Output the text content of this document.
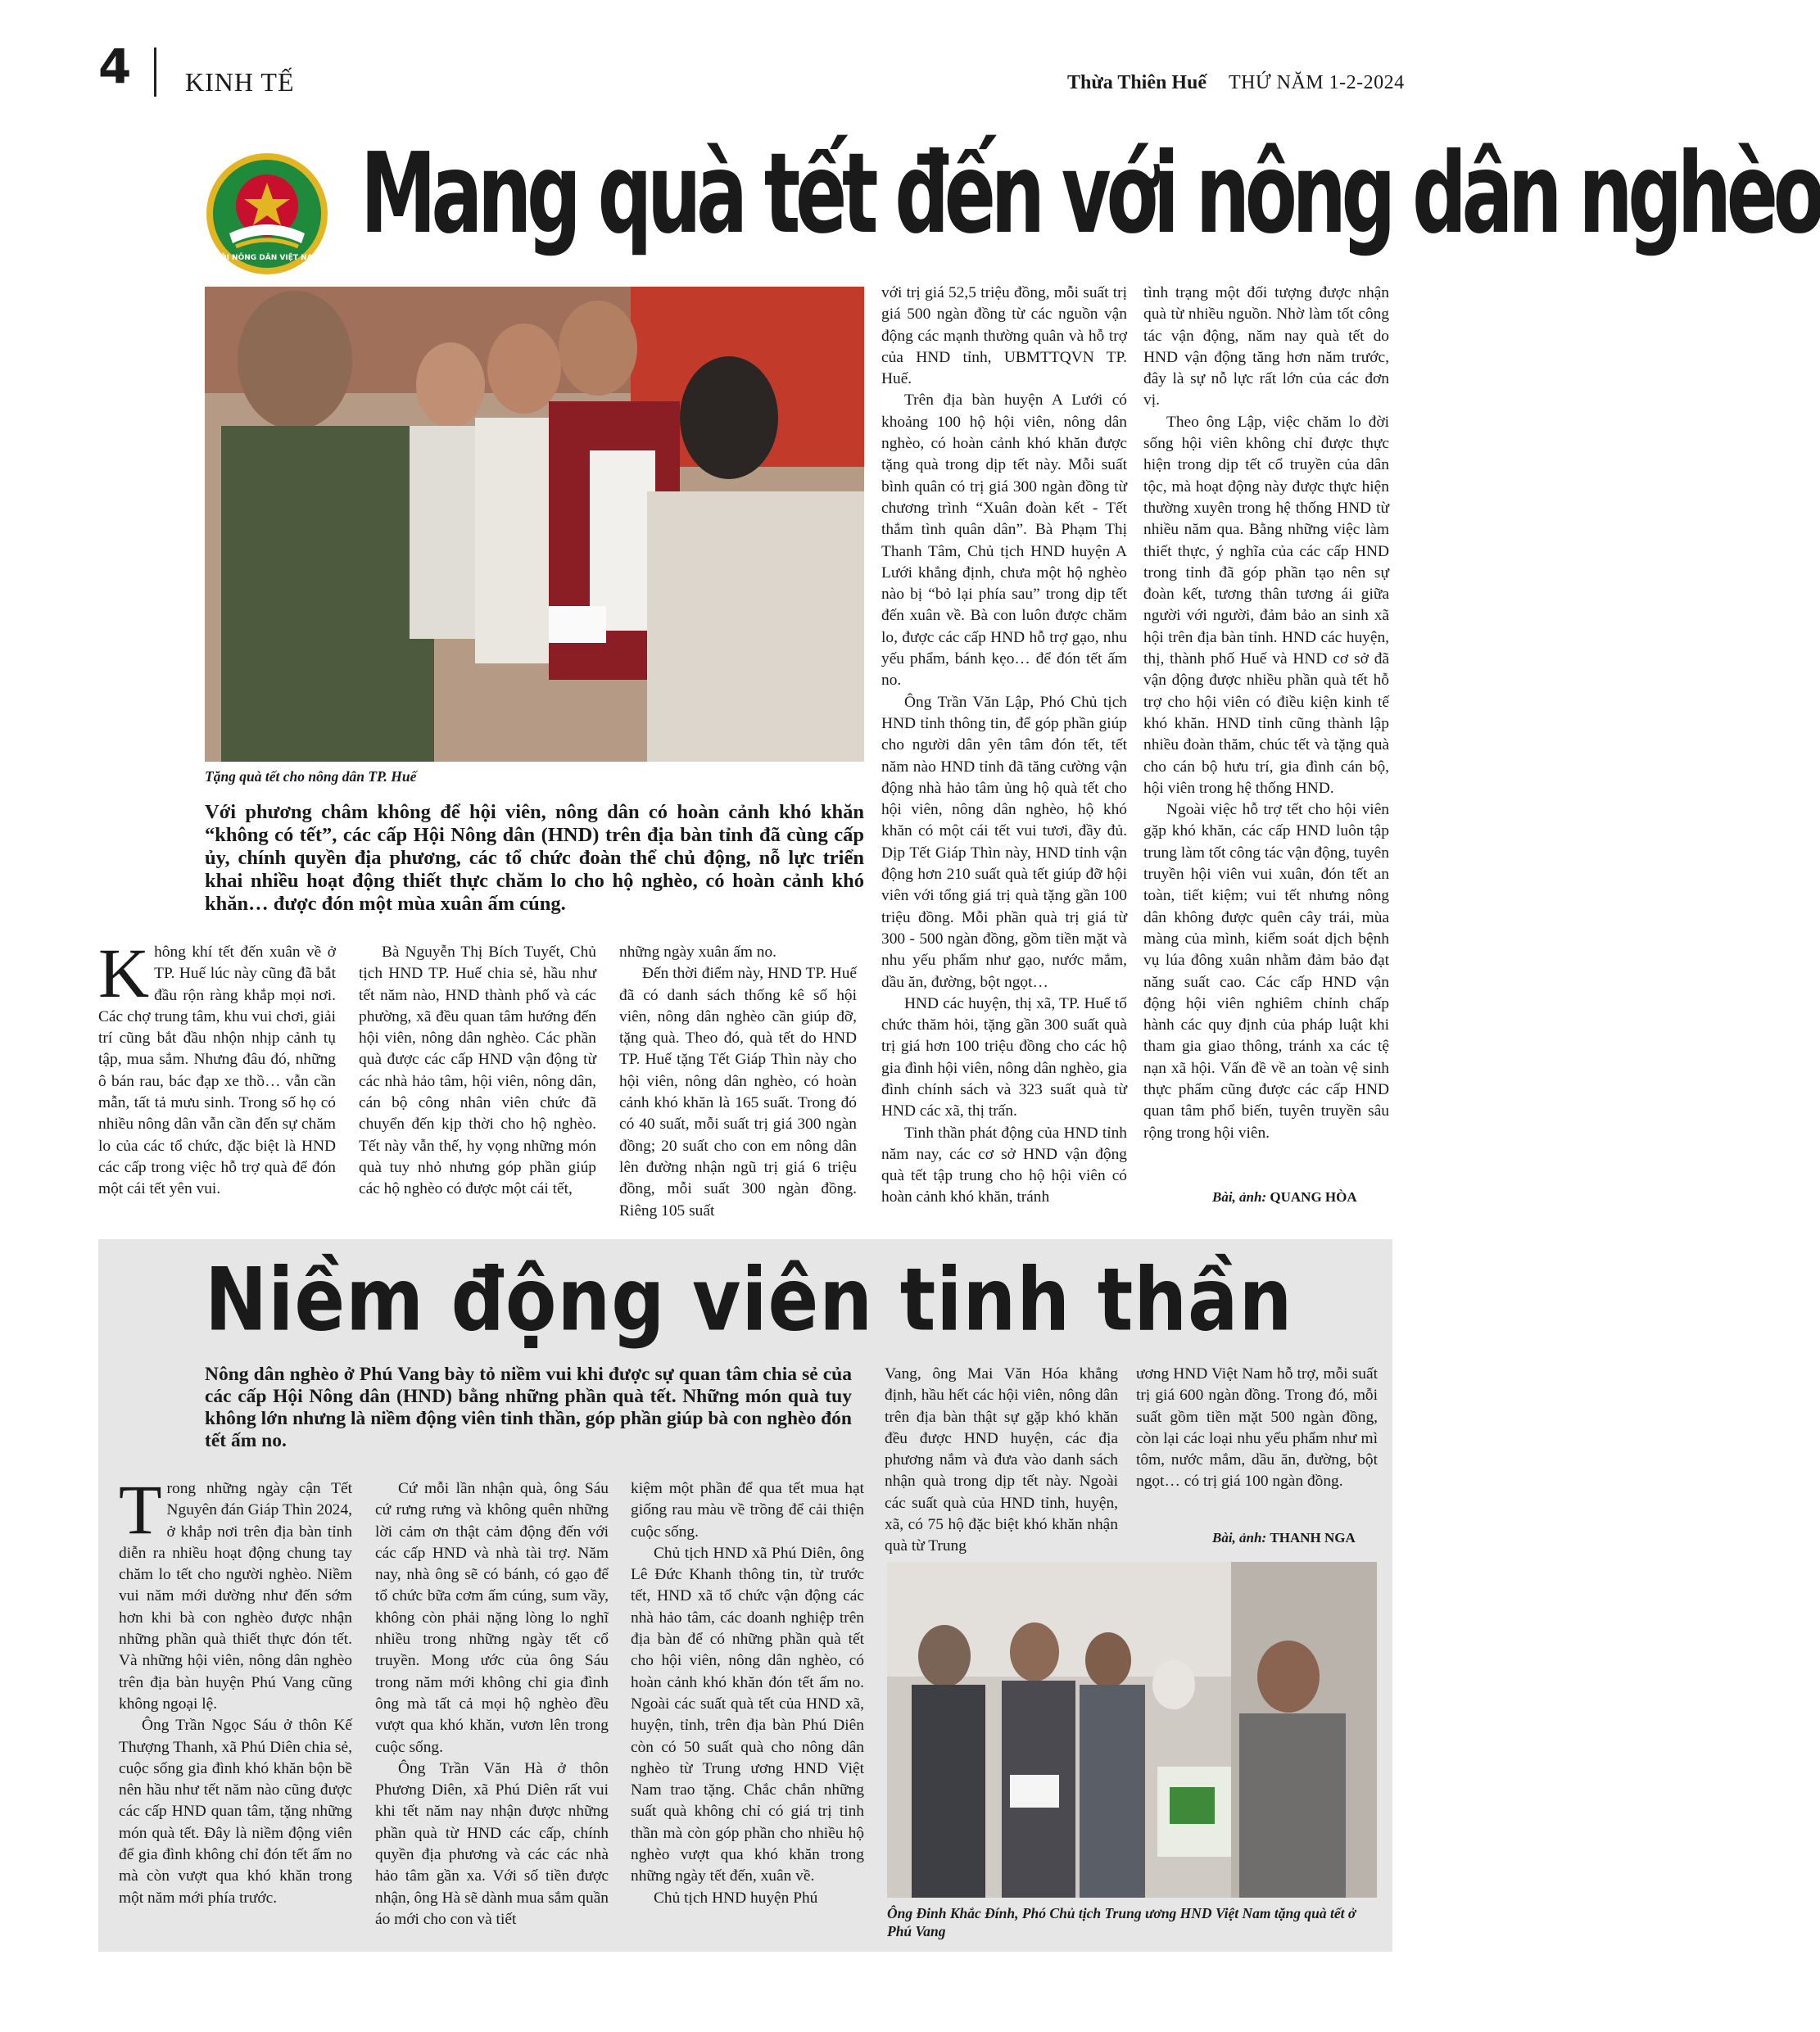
4 KINH TẾ	Thừa Thiên Huế THỨ NĂM 1-2-2024
HỘI NÔNG DÂN VIỆT NAM Mang quà tết đến với nông dân nghèo
Tặng quà tết cho nông dân TP. Huế
Với phương châm không để hội viên, nông dân có hoàn cảnh khó khăn “không có tết”, các cấp Hội Nông dân (HND) trên địa bàn tỉnh đã cùng cấp ủy, chính quyền địa phương, các tổ chức đoàn thể chủ động, nỗ lực triển khai nhiều hoạt động thiết thực chăm lo cho hộ nghèo, có hoàn cảnh khó khăn… được đón một mùa xuân ấm cúng.

Không khí tết đến xuân về ở TP. Huế lúc này cũng đã bắt đầu rộn ràng khắp mọi nơi. Các chợ trung tâm, khu vui chơi, giải trí cũng bắt đầu nhộn nhịp cảnh tụ tập, mua sắm. Nhưng đâu đó, những ô bán rau, bác đạp xe thồ… vẫn cần mẫn, tất tả mưu sinh. Trong số họ có nhiều nông dân vẫn cần đến sự chăm lo của các tổ chức, đặc biệt là HND các cấp trong việc hỗ trợ quà để đón một cái tết yên vui.

Bà Nguyễn Thị Bích Tuyết, Chủ tịch HND TP. Huế chia sẻ, hầu như tết năm nào, HND thành phố và các phường, xã đều quan tâm hướng đến hội viên, nông dân nghèo. Các phần quà được các cấp HND vận động từ các nhà hảo tâm, hội viên, nông dân, cán bộ công nhân viên chức đã chuyển đến kịp thời cho hộ nghèo. Tết này vẫn thế, hy vọng những món quà tuy nhỏ nhưng góp phần giúp các hộ nghèo có được một cái tết,

những ngày xuân ấm no.

Đến thời điểm này, HND TP. Huế đã có danh sách thống kê số hội viên, nông dân nghèo cần giúp đỡ, tặng quà. Theo đó, quà tết do HND TP. Huế tặng Tết Giáp Thìn này cho hội viên, nông dân nghèo, có hoàn cảnh khó khăn là 165 suất. Trong đó có 40 suất, mỗi suất trị giá 300 ngàn đồng; 20 suất cho con em nông dân lên đường nhận ngũ trị giá 6 triệu đồng, mỗi suất 300 ngàn đồng. Riêng 105 suất

với trị giá 52,5 triệu đồng, mỗi suất trị giá 500 ngàn đồng từ các nguồn vận động các mạnh thường quân và hỗ trợ của HND tỉnh, UBMTTQVN TP. Huế.

Trên địa bàn huyện A Lưới có khoảng 100 hộ hội viên, nông dân nghèo, có hoàn cảnh khó khăn được tặng quà trong dịp tết này. Mỗi suất bình quân có trị giá 300 ngàn đồng từ chương trình “Xuân đoàn kết - Tết thắm tình quân dân”. Bà Phạm Thị Thanh Tâm, Chủ tịch HND huyện A Lưới khẳng định, chưa một hộ nghèo nào bị “bỏ lại phía sau” trong dịp tết đến xuân về. Bà con luôn được chăm lo, được các cấp HND hỗ trợ gạo, nhu yếu phẩm, bánh kẹo… để đón tết ấm no.

Ông Trần Văn Lập, Phó Chủ tịch HND tỉnh thông tin, để góp phần giúp cho người dân yên tâm đón tết, tết năm nào HND tỉnh đã tăng cường vận động nhà hảo tâm ủng hộ quà tết cho hội viên, nông dân nghèo, hộ khó khăn có một cái tết vui tươi, đầy đủ. Dịp Tết Giáp Thìn này, HND tỉnh vận động hơn 210 suất quà tết giúp đỡ hội viên với tổng giá trị quà tặng gần 100 triệu đồng. Mỗi phần quà trị giá từ 300 - 500 ngàn đồng, gồm tiền mặt và nhu yếu phẩm như gạo, nước mắm, dầu ăn, đường, bột ngọt…

HND các huyện, thị xã, TP. Huế tổ chức thăm hỏi, tặng gần 300 suất quà trị giá hơn 100 triệu đồng cho các hộ gia đình hội viên, nông dân nghèo, gia đình chính sách và 323 suất quà từ HND các xã, thị trấn.

Tinh thần phát động của HND tỉnh năm nay, các cơ sở HND vận động quà tết tập trung cho hộ hội viên có hoàn cảnh khó khăn, tránh

tình trạng một đối tượng được nhận quà từ nhiều nguồn. Nhờ làm tốt công tác vận động, năm nay quà tết do HND vận động tăng hơn năm trước, đây là sự nỗ lực rất lớn của các đơn vị.

Theo ông Lập, việc chăm lo đời sống hội viên không chỉ được thực hiện trong dịp tết cổ truyền của dân tộc, mà hoạt động này được thực hiện thường xuyên trong hệ thống HND từ nhiều năm qua. Bằng những việc làm thiết thực, ý nghĩa của các cấp HND trong tỉnh đã góp phần tạo nên sự đoàn kết, tương thân tương ái giữa người với người, đảm bảo an sinh xã hội trên địa bàn tỉnh. HND các huyện, thị, thành phố Huế và HND cơ sở đã vận động được nhiều phần quà tết hỗ trợ cho hội viên có điều kiện kinh tế khó khăn. HND tỉnh cũng thành lập nhiều đoàn thăm, chúc tết và tặng quà cho cán bộ hưu trí, gia đình cán bộ, hội viên trong hệ thống HND.

Ngoài việc hỗ trợ tết cho hội viên gặp khó khăn, các cấp HND luôn tập trung làm tốt công tác vận động, tuyên truyền hội viên vui xuân, đón tết an toàn, tiết kiệm; vui tết nhưng nông dân không được quên cây trái, mùa màng của mình, kiểm soát dịch bệnh vụ lúa đông xuân nhằm đảm bảo đạt năng suất cao. Các cấp HND vận động hội viên nghiêm chỉnh chấp hành các quy định của pháp luật khi tham gia giao thông, tránh xa các tệ nạn xã hội. Vấn đề về an toàn vệ sinh thực phẩm cũng được các cấp HND quan tâm phổ biến, tuyên truyền sâu rộng trong hội viên.

Bài, ảnh: QUANG HÒA
Niềm động viên tinh thần
Nông dân nghèo ở Phú Vang bày tỏ niềm vui khi được sự quan tâm chia sẻ của các cấp Hội Nông dân (HND) bằng những phần quà tết. Những món quà tuy không lớn nhưng là niềm động viên tinh thần, góp phần giúp bà con nghèo đón tết ấm no.

Trong những ngày cận Tết Nguyên đán Giáp Thìn 2024, ở khắp nơi trên địa bàn tỉnh diễn ra nhiều hoạt động chung tay chăm lo tết cho người nghèo. Niềm vui năm mới dường như đến sớm hơn khi bà con nghèo được nhận những phần quà thiết thực đón tết. Và những hội viên, nông dân nghèo trên địa bàn huyện Phú Vang cũng không ngoại lệ.

Ông Trần Ngọc Sáu ở thôn Kế Thượng Thanh, xã Phú Diên chia sẻ, cuộc sống gia đình khó khăn bộn bề nên hầu như tết năm nào cũng được các cấp HND quan tâm, tặng những món quà tết. Đây là niềm động viên để gia đình không chỉ đón tết ấm no mà còn vượt qua khó khăn trong một năm mới phía trước.

Cứ mỗi lần nhận quà, ông Sáu cứ rưng rưng và không quên những lời cảm ơn thật cảm động đến với các cấp HND và nhà tài trợ. Năm nay, nhà ông sẽ có bánh, có gạo để tổ chức bữa cơm ấm cúng, sum vầy, không còn phải nặng lòng lo nghĩ nhiều trong những ngày tết cổ truyền. Mong ước của ông Sáu trong năm mới không chỉ gia đình ông mà tất cả mọi hộ nghèo đều vượt qua khó khăn, vươn lên trong cuộc sống.

Ông Trần Văn Hà ở thôn Phương Diên, xã Phú Diên rất vui khi tết năm nay nhận được những phần quà từ HND các cấp, chính quyền địa phương và các các nhà hảo tâm gần xa. Với số tiền được nhận, ông Hà sẽ dành mua sắm quần áo mới cho con và tiết

kiệm một phần để qua tết mua hạt giống rau màu về trồng để cải thiện cuộc sống.

Chủ tịch HND xã Phú Diên, ông Lê Đức Khanh thông tin, từ trước tết, HND xã tổ chức vận động các nhà hảo tâm, các doanh nghiệp trên địa bàn để có những phần quà tết cho hội viên, nông dân nghèo, có hoàn cảnh khó khăn đón tết ấm no. Ngoài các suất quà tết của HND xã, huyện, tỉnh, trên địa bàn Phú Diên còn có 50 suất quà cho nông dân nghèo từ Trung ương HND Việt Nam trao tặng. Chắc chắn những suất quà không chỉ có giá trị tinh thần mà còn góp phần cho nhiều hộ nghèo vượt qua khó khăn trong những ngày tết đến, xuân về.

Chủ tịch HND huyện Phú

Vang, ông Mai Văn Hóa khẳng định, hầu hết các hội viên, nông dân trên địa bàn thật sự gặp khó khăn đều được HND huyện, các địa phương nắm và đưa vào danh sách nhận quà trong dịp tết này. Ngoài các suất quà của HND tỉnh, huyện, xã, có 75 hộ đặc biệt khó khăn nhận quà từ Trung

ương HND Việt Nam hỗ trợ, mỗi suất trị giá 600 ngàn đồng. Trong đó, mỗi suất gồm tiền mặt 500 ngàn đồng, còn lại các loại nhu yếu phẩm như mì tôm, nước mắm, dầu ăn, đường, bột ngọt… có trị giá 100 ngàn đồng.

Bài, ảnh: THANH NGA
Ông Đinh Khắc Đính, Phó Chủ tịch Trung ương HND Việt Nam tặng quà tết ở Phú Vang
